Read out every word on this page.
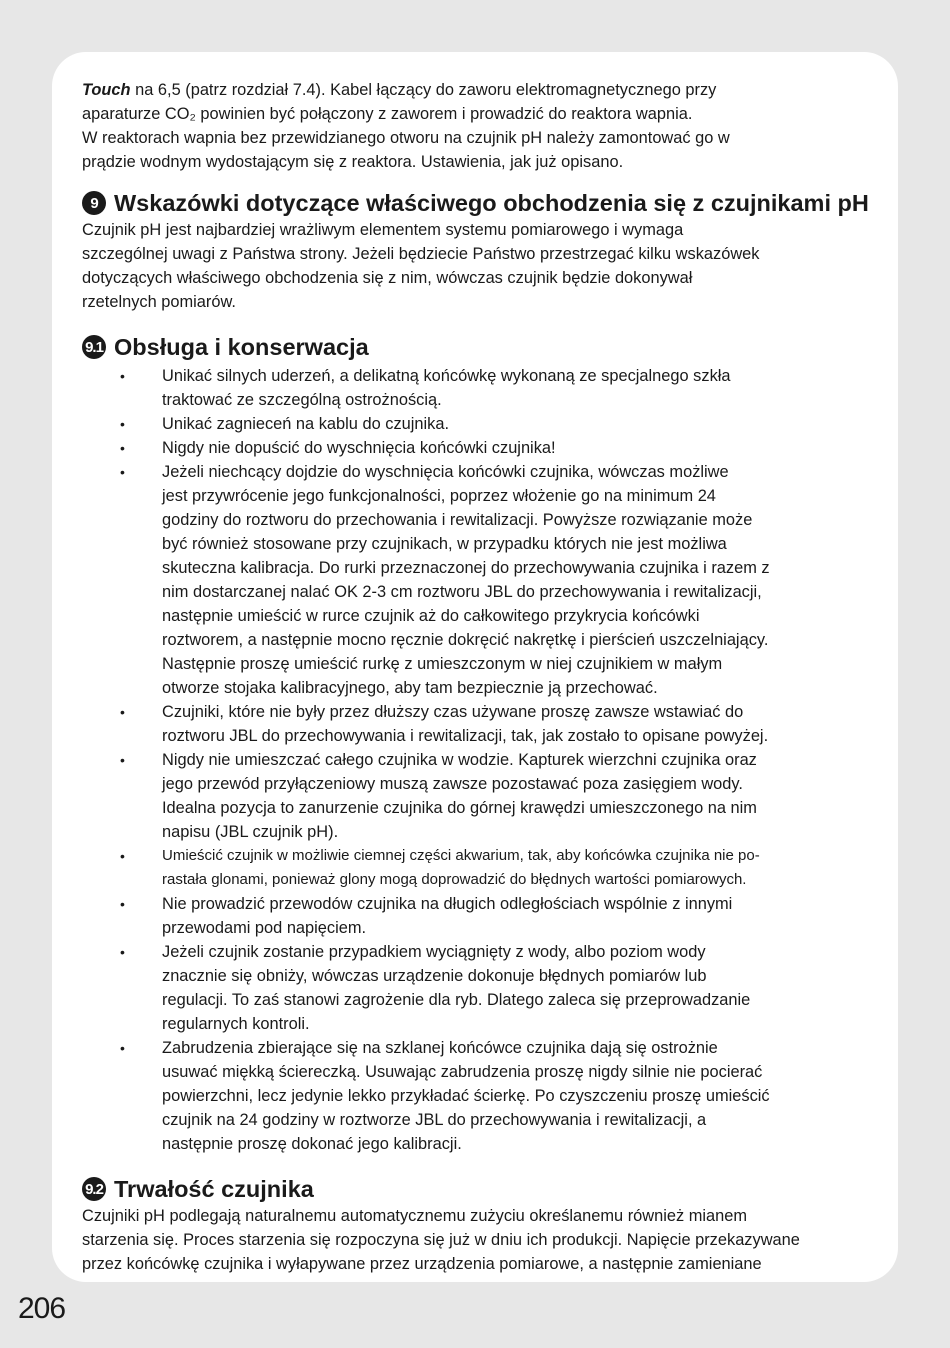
Touch na 6,5 (patrz rozdział 7.4). Kabel łączący do zaworu elektromagnetycznego przy

aparaturze CO₂ powinien być połączony z zaworem i prowadzić do reaktora wapnia.

W reaktorach wapnia bez przewidzianego otworu na czujnik pH należy zamontować go w

prądzie wodnym wydostającym się z reaktora. Ustawienia, jak już opisano.

9 Wskazówki dotyczące właściwego obchodzenia się z czujnikami pH

Czujnik pH jest najbardziej wrażliwym elementem systemu pomiarowego i wymaga

szczególnej uwagi z Państwa strony. Jeżeli będziecie Państwo przestrzegać kilku wskazówek

dotyczących właściwego obchodzenia się z nim, wówczas czujnik będzie dokonywał

rzetelnych pomiarów.

9.1 Obsługa i konserwacja
• Unikać silnych uderzeń, a delikatną końcówkę wykonaną ze specjalnego szkła
traktować ze szczególną ostrożnością.
• Unikać zagnieceń na kablu do czujnika.
• Nigdy nie dopuścić do wyschnięcia końcówki czujnika!
• Jeżeli niechcący dojdzie do wyschnięcia końcówki czujnika, wówczas możliwe
jest przywrócenie jego funkcjonalności, poprzez włożenie go na minimum 24
godziny do roztworu do przechowania i rewitalizacji. Powyższe rozwiązanie może
być również stosowane przy czujnikach, w przypadku których nie jest możliwa
skuteczna kalibracja. Do rurki przeznaczonej do przechowywania czujnika i razem z
nim dostarczanej nalać OK 2-3 cm roztworu JBL do przechowywania i rewitalizacji,
następnie umieścić w rurce czujnik aż do całkowitego przykrycia końcówki
roztworem, a następnie mocno ręcznie dokręcić nakrętkę i pierścień uszczelniający.
Następnie proszę umieścić rurkę z umieszczonym w niej czujnikiem w małym
otworze stojaka kalibracyjnego, aby tam bezpiecznie ją przechować.
• Czujniki, które nie były przez dłuższy czas używane proszę zawsze wstawiać do
roztworu JBL do przechowywania i rewitalizacji, tak, jak zostało to opisane powyżej.
• Nigdy nie umieszczać całego czujnika w wodzie. Kapturek wierzchni czujnika oraz
jego przewód przyłączeniowy muszą zawsze pozostawać poza zasięgiem wody.
Idealna pozycja to zanurzenie czujnika do górnej krawędzi umieszczonego na nim
napisu (JBL czujnik pH).
• Umieścić czujnik w możliwie ciemnej części akwarium, tak, aby końcówka czujnika nie po-
rastała glonami, ponieważ glony mogą doprowadzić do błędnych wartości pomiarowych.
• Nie prowadzić przewodów czujnika na długich odległościach wspólnie z innymi
przewodami pod napięciem.
• Jeżeli czujnik zostanie przypadkiem wyciągnięty z wody, albo poziom wody
znacznie się obniży, wówczas urządzenie dokonuje błędnych pomiarów lub
regulacji. To zaś stanowi zagrożenie dla ryb. Dlatego zaleca się przeprowadzanie
regularnych kontroli.
• Zabrudzenia zbierające się na szklanej końcówce czujnika dają się ostrożnie
usuwać miękką ściereczką. Usuwając zabrudzenia proszę nigdy silnie nie pocierać
powierzchni, lecz jedynie lekko przykładać ścierkę. Po czyszczeniu proszę umieścić
czujnik na 24 godziny w roztworze JBL do przechowywania i rewitalizacji, a
następnie proszę dokonać jego kalibracji.
9.2 Trwałość czujnika

Czujniki pH podlegają naturalnemu automatycznemu zużyciu określanemu również mianem

starzenia się. Proces starzenia się rozpoczyna się już w dniu ich produkcji. Napięcie przekazywane

przez końcówkę czujnika i wyłapywane przez urządzenia pomiarowe, a następnie zamieniane

206
